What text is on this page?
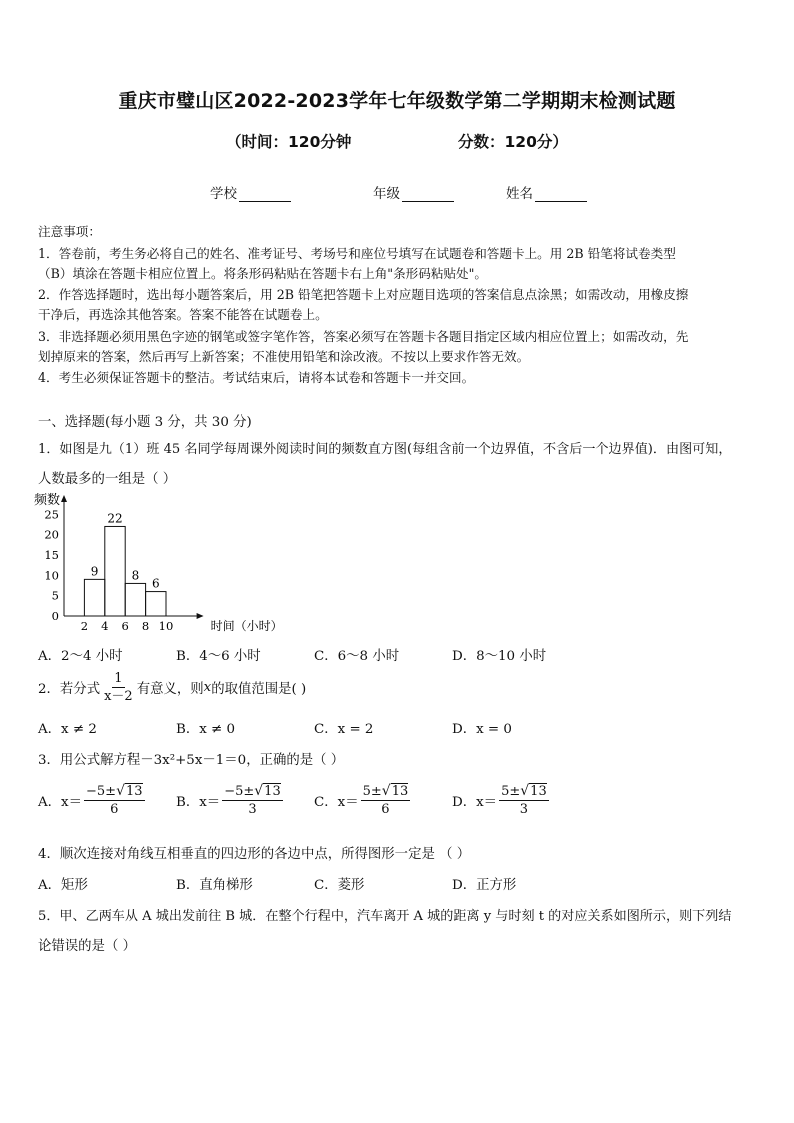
重庆市璧山区2022-2023学年七年级数学第二学期期末检测试题
（时间：120分钟	分数：120分）
学校	年级	姓名
注意事项：
1．答卷前，考生务必将自己的姓名、准考证号、考场号和座位号填写在试题卷和答题卡上。用 2B 铅笔将试卷类型
（B）填涂在答题卡相应位置上。将条形码粘贴在答题卡右上角"条形码粘贴处"。
2．作答选择题时，选出每小题答案后，用 2B 铅笔把答题卡上对应题目选项的答案信息点涂黑；如需改动，用橡皮擦
干净后，再选涂其他答案。答案不能答在试题卷上。
3．非选择题必须用黑色字迹的钢笔或签字笔作答，答案必须写在答题卡各题目指定区域内相应位置上；如需改动，先
划掉原来的答案，然后再写上新答案；不准使用铅笔和涂改液。不按以上要求作答无效。
4．考生必须保证答题卡的整洁。考试结束后，请将本试卷和答题卡一并交回。
一、选择题(每小题 3 分，共 30 分)
1．如图是九（1）班 45 名同学每周课外阅读时间的频数直方图(每组含前一个边界值，不含后一个边界值)．由图可知，
人数最多的一组是（ ）
频数
0
5
10
15
20
25
9
22
8
6
2 4 6 8 10	时间（小时）
A．2～4 小时	B．4～6 小时	C．6～8 小时	D．8～10 小时
2．若分式 $\frac{1}{x-2}$ 有意义，则 x 的取值范围是( )
A．x ≠ 2	B．x ≠ 0	C．x = 2	D．x = 0
3．用公式解方程－3x²+5x－1＝0，正确的是（ ）
A．$x= \frac{-5\pm√13}{6}$ B．$x= \frac{-5\pm√13}{3}$ C．$x= \frac{5\pm√13}{6}$	D．$x= \frac{5\pm√13}{3}$
4．顺次连接对角线互相垂直的四边形的各边中点，所得图形一定是 （ ）
A．矩形	B．直角梯形	C．菱形	D．正方形
5．甲、乙两车从 A 城出发前往 B 城．在整个行程中，汽车离开 A 城的距离 y 与时刻 t 的对应关系如图所示，则下列结
论错误的是（ ）
